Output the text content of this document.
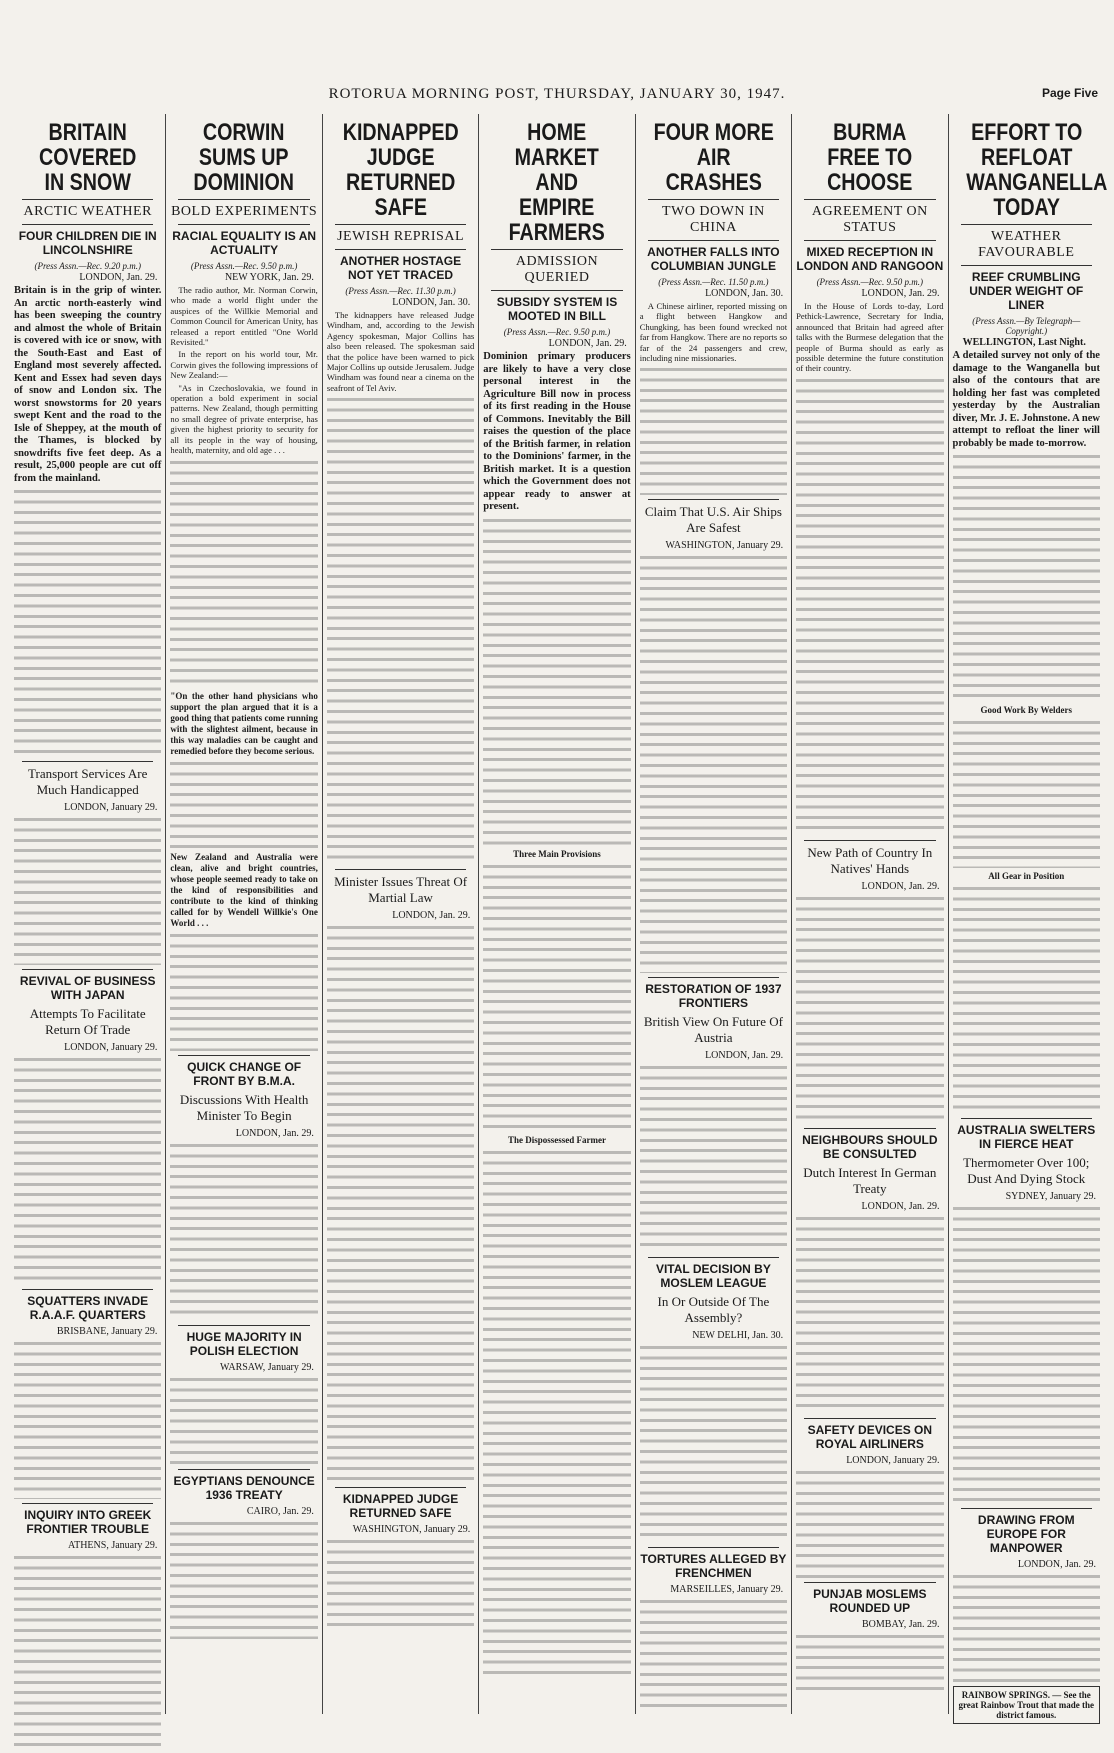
ROTORUA MORNING POST, THURSDAY, JANUARY 30, 1947.	Page Five
BRITAIN COVERED IN SNOW
ARCTIC WEATHER
FOUR CHILDREN DIE IN LINCOLNSHIRE
(Press Assn.—Rec. 9.20 p.m.)
LONDON, Jan. 29.

Britain is in the grip of winter. An arctic north-easterly wind has been sweeping the country and almost the whole of Britain is covered with ice or snow, with the South-East and East of England most severely affected. Kent and Essex had seven days of snow and London six. The worst snowstorms for 20 years swept Kent and the road to the Isle of Sheppey, at the mouth of the Thames, is blocked by snowdrifts five feet deep. As a result, 25,000 people are cut off from the mainland.

Transport Services Are Much Handicapped
LONDON, January 29.
REVIVAL OF BUSINESS WITH JAPAN
Attempts To Facilitate Return Of Trade
LONDON, January 29.
SQUATTERS INVADE R.A.A.F. QUARTERS
BRISBANE, January 29.
INQUIRY INTO GREEK FRONTIER TROUBLE
ATHENS, January 29.
CORWIN SUMS UP DOMINION
BOLD EXPERIMENTS
RACIAL EQUALITY IS AN ACTUALITY
(Press Assn.—Rec. 9.50 p.m.)
NEW YORK, Jan. 29.

The radio author, Mr. Norman Corwin, who made a world flight under the auspices of the Willkie Memorial and Common Council for American Unity, has released a report entitled "One World Revisited."

In the report on his world tour, Mr. Corwin gives the following impressions of New Zealand:—

"As in Czechoslovakia, we found in operation a bold experiment in social patterns. New Zealand, though permitting no small degree of private enterprise, has given the highest priority to security for all its people in the way of housing, health, maternity, and old age . . .

"On the other hand physicians who support the plan argued that it is a good thing that patients come running with the slightest ailment, because in this way maladies can be caught and remedied before they become serious.

New Zealand and Australia were clean, alive and bright countries, whose people seemed ready to take on the kind of responsibilities and contribute to the kind of thinking called for by Wendell Willkie's One World . . .

QUICK CHANGE OF FRONT BY B.M.A.
Discussions With Health Minister To Begin
LONDON, Jan. 29.
HUGE MAJORITY IN POLISH ELECTION
WARSAW, January 29.
EGYPTIANS DENOUNCE 1936 TREATY
CAIRO, Jan. 29.
KIDNAPPED JUDGE RETURNED SAFE
JEWISH REPRISAL
ANOTHER HOSTAGE NOT YET TRACED
(Press Assn.—Rec. 11.30 p.m.)
LONDON, Jan. 30.

The kidnappers have released Judge Windham, and, according to the Jewish Agency spokesman, Major Collins has also been released. The spokesman said that the police have been warned to pick Major Collins up outside Jerusalem. Judge Windham was found near a cinema on the seafront of Tel Aviv.

Minister Issues Threat Of Martial Law
LONDON, Jan. 29.
KIDNAPPED JUDGE RETURNED SAFE
WASHINGTON, January 29.
HOME MARKET AND EMPIRE FARMERS
ADMISSION QUERIED
SUBSIDY SYSTEM IS MOOTED IN BILL
(Press Assn.—Rec. 9.50 p.m.)
LONDON, Jan. 29.

Dominion primary producers are likely to have a very close personal interest in the Agriculture Bill now in process of its first reading in the House of Commons. Inevitably the Bill raises the question of the place of the British farmer, in relation to the Dominions' farmer, in the British market. It is a question which the Government does not appear ready to answer at present.

Three Main Provisions
The Dispossessed Farmer
FOUR MORE AIR CRASHES
TWO DOWN IN CHINA
ANOTHER FALLS INTO COLUMBIAN JUNGLE
(Press Assn.—Rec. 11.50 p.m.)
LONDON, Jan. 30.

A Chinese airliner, reported missing on a flight between Hangkow and Chungking, has been found wrecked not far from Hangkow. There are no reports so far of the 24 passengers and crew, including nine missionaries.

Claim That U.S. Air Ships Are Safest
WASHINGTON, January 29.
RESTORATION OF 1937 FRONTIERS
British View On Future Of Austria
LONDON, Jan. 29.
VITAL DECISION BY MOSLEM LEAGUE
In Or Outside Of The Assembly?
NEW DELHI, Jan. 30.
TORTURES ALLEGED BY FRENCHMEN
MARSEILLES, January 29.
BURMA FREE TO CHOOSE
AGREEMENT ON STATUS
MIXED RECEPTION IN LONDON AND RANGOON
(Press Assn.—Rec. 9.50 p.m.)
LONDON, Jan. 29.

In the House of Lords to-day, Lord Pethick-Lawrence, Secretary for India, announced that Britain had agreed after talks with the Burmese delegation that the people of Burma should as early as possible determine the future constitution of their country.

New Path of Country In Natives' Hands
LONDON, Jan. 29.
NEIGHBOURS SHOULD BE CONSULTED
Dutch Interest In German Treaty
LONDON, Jan. 29.
SAFETY DEVICES ON ROYAL AIRLINERS
LONDON, January 29.
PUNJAB MOSLEMS ROUNDED UP
BOMBAY, Jan. 29.
EFFORT TO REFLOAT WANGANELLA TODAY
WEATHER FAVOURABLE
REEF CRUMBLING UNDER WEIGHT OF LINER
(Press Assn.—By Telegraph—Copyright.)
WELLINGTON, Last Night.

A detailed survey not only of the damage to the Wanganella but also of the contours that are holding her fast was completed yesterday by the Australian diver, Mr. J. E. Johnstone. A new attempt to refloat the liner will probably be made to-morrow.

Good Work By Welders
All Gear in Position
AUSTRALIA SWELTERS IN FIERCE HEAT
Thermometer Over 100; Dust And Dying Stock
SYDNEY, January 29.
DRAWING FROM EUROPE FOR MANPOWER
LONDON, Jan. 29.
RAINBOW SPRINGS. — See the great Rainbow Trout that made the district famous.
